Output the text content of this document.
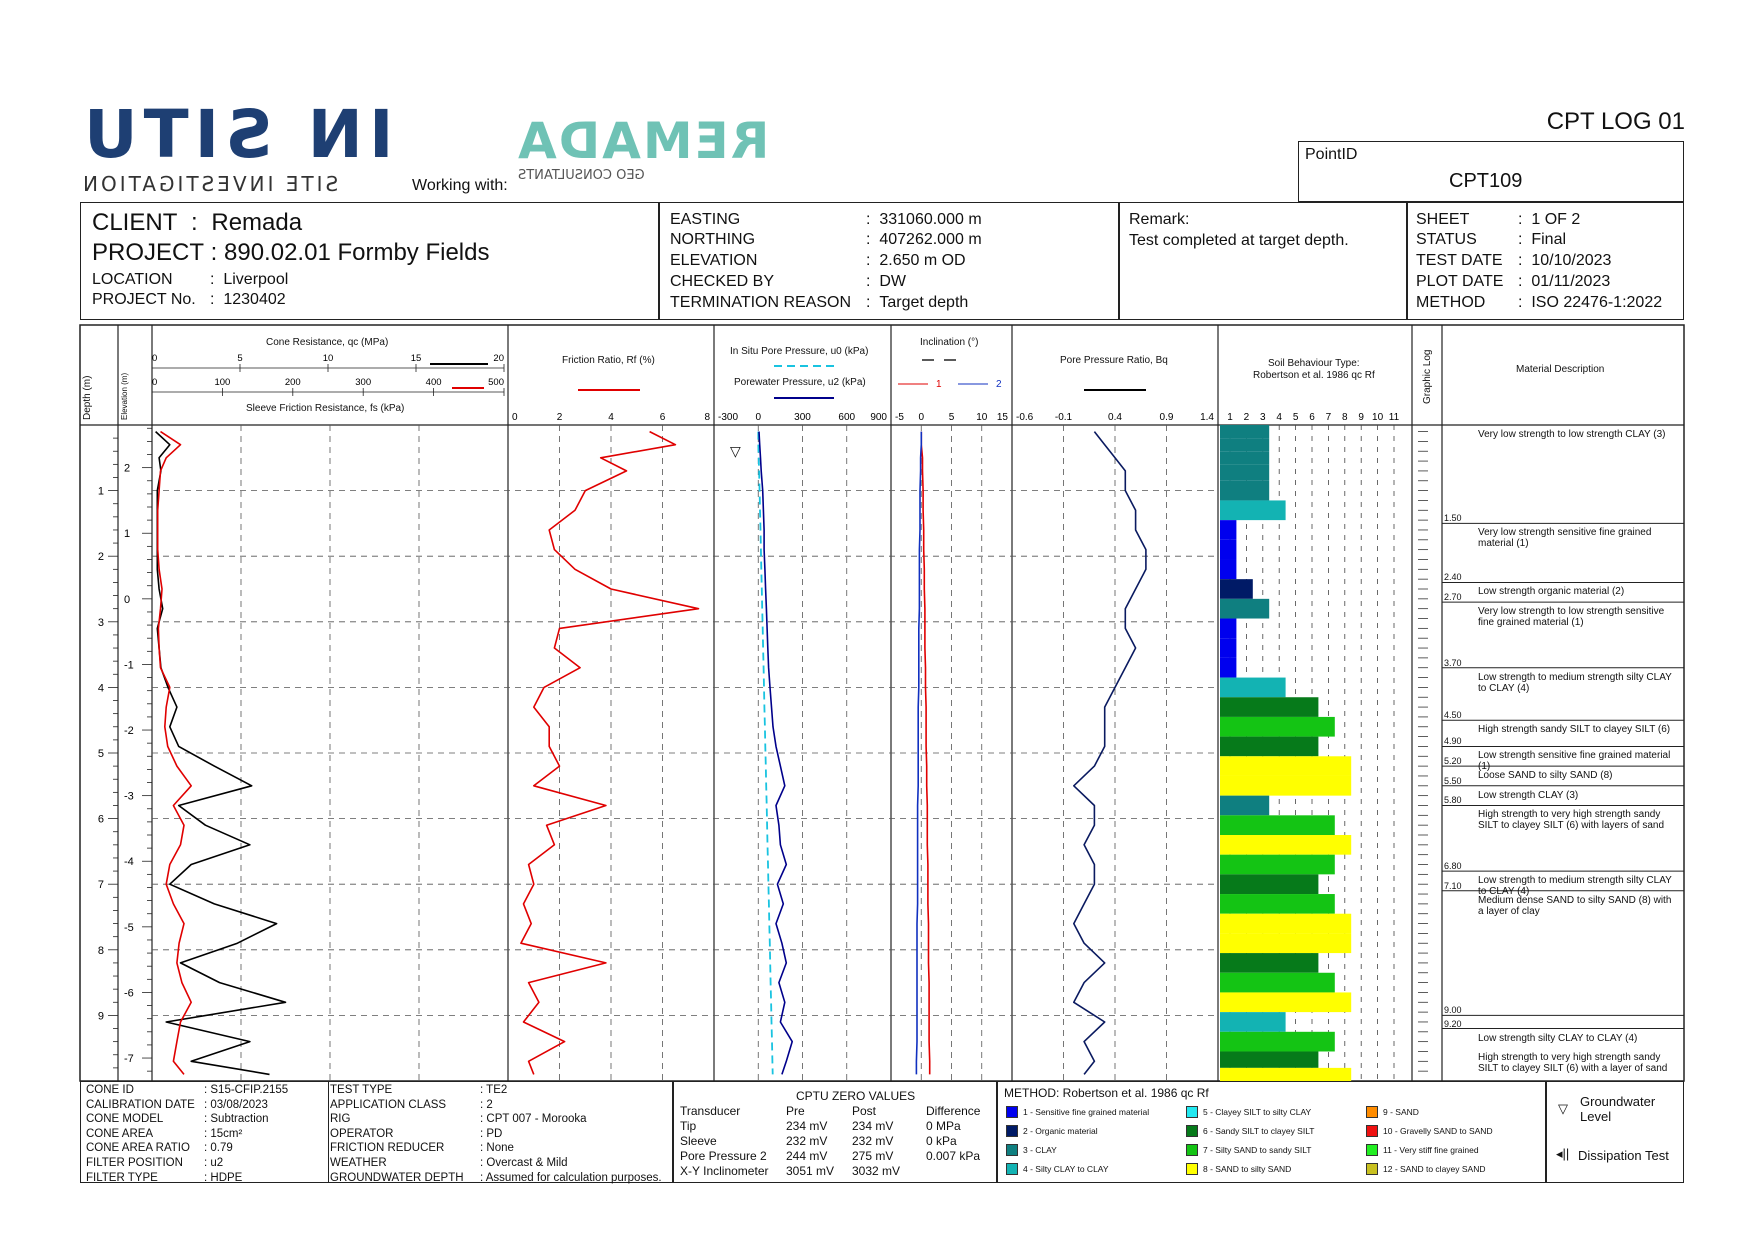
IN SITU
SITE INVESTIGATION	Working with:
REMADA
GEO CONSULTANTS
CPT LOG 01
PointID
CPT109
CLIENT : Remada
PROJECT : 890.02.01 Formby Fields
LOCATION :  Liverpool
PROJECT No. :  1230402
EASTING	:  331060.000 m
NORTHING	:  407262.000 m
ELEVATION	:  2.650 m OD
CHECKED BY	:  DW
TERMINATION REASON :  Target depth
Remark:
Test completed at target depth.
SHEET	:  1 OF 2
STATUS	:  Final
TEST DATE :  10/10/2023
PLOT DATE :  01/11/2023
METHOD :  ISO 22476-1:2022
1
2
3
4
5
6
7
8
9
2
1
0
-1
-2
-3
-4
-5
-6
-7
0	5	10	15	20
0	100	200	300	400	500
0	2	4	6	8 -300 0	300	600 900 -5 0 5 10 15 -0.6 -0.1	0.4	0.9	1.4 1 2 3 4 5 6 7 8 9 10 11
Cone Resistance, qc (MPa)
Sleeve Friction Resistance, fs (kPa)
Friction Ratio, Rf (%)
In Situ Pore Pressure, u0 (kPa)
Porewater Pressure, u2 (kPa)
Inclination (°)
1	2
Pore Pressure Ratio, Bq	Soil Behaviour Type:
Robertson et al. 1986 qc Rf
Material Description
Depth (m)	Elevation (m)	Graphic Log
▽
1.50
Very low strength to low strength CLAY (3)
2.40
Very low strength sensitive fine grained material (1)
2.70 Low strength organic material (2)
3.70
Very low strength to low strength sensitive fine grained material (1)
4.50
Low strength to medium strength silty CLAY to CLAY (4)
4.90
High strength sandy SILT to clayey SILT (6)
5.20 Low strength sensitive fine grained material (1)
5.50 Loose SAND to silty SAND (8)
5.80 Low strength CLAY (3)
6.80
High strength to very high strength sandy SILT to clayey SILT (6) with layers of sand
7.10 Low strength to medium strength silty CLAY to CLAY (4)
9.00
Medium dense SAND to silty SAND (8) with a layer of clay
9.20
Low strength silty CLAY to CLAY (4)
High strength to very high strength sandy SILT to clayey SILT (6) with a layer of sand
CONE ID	: S15-CFIP.2155
CALIBRATION DATE : 03/08/2023
CONE MODEL	: Subtraction
CONE AREA	: 15cm²
CONE AREA RATIO : 0.79
FILTER POSITION : u2
FILTER TYPE	: HDPE
TEST TYPE	: TE2
APPLICATION CLASS	: 2
RIG	: CPT 007 - Morooka
OPERATOR	: PD
FRICTION REDUCER	: None
WEATHER	: Overcast & Mild
GROUNDWATER DEPTH : Assumed for calculation purposes.
CPTU ZERO VALUES
Transducer	Pre	Post	Difference
Tip	234 mV 234 mV	0 MPa
Sleeve	232 mV 232 mV	0 kPa
Pore Pressure 2 244 mV 275 mV	0.007 kPa
X-Y Inclinometer 3051 mV 3032 mV
METHOD: Robertson et al. 1986 qc Rf
1 - Sensitive fine grained material
2 - Organic material
3 - CLAY
4 - Silty CLAY to CLAY
5 - Clayey SILT to silty CLAY
6 - Sandy SILT to clayey SILT
7 - Silty SAND to sandy SILT
8 - SAND to silty SAND
9 - SAND
10 - Gravelly SAND to SAND
11 - Very stiff fine grained
12 - SAND to clayey SAND
▽ Groundwater Level
◂|| Dissipation Test
